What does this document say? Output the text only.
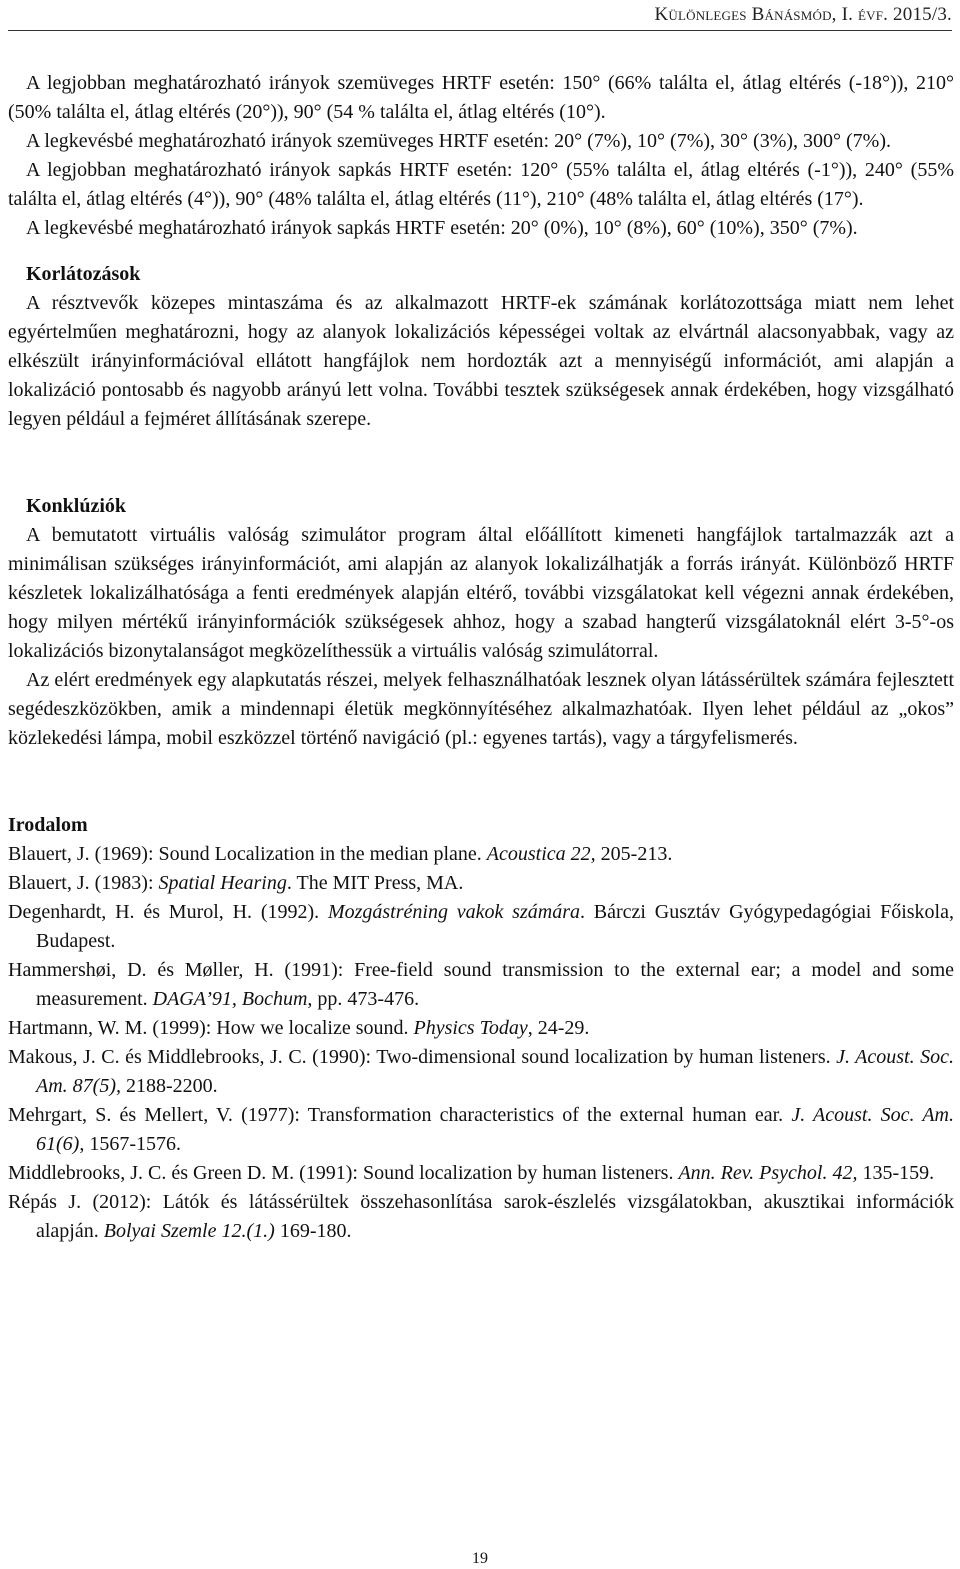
Különleges Bánásmód, I. évf. 2015/3.

A legjobban meghatározható irányok szemüveges HRTF esetén: 150° (66% találta el, átlag eltérés (-18°)), 210° (50% találta el, átlag eltérés (20°)), 90° (54 % találta el, átlag eltérés (10°).

A legkevésbé meghatározható irányok szemüveges HRTF esetén: 20° (7%), 10° (7%), 30° (3%), 300° (7%).

A legjobban meghatározható irányok sapkás HRTF esetén: 120° (55% találta el, átlag eltérés (-1°)), 240° (55% találta el, átlag eltérés (4°)), 90° (48% találta el, átlag eltérés (11°), 210° (48% találta el, átlag eltérés (17°).

A legkevésbé meghatározható irányok sapkás HRTF esetén: 20° (0%), 10° (8%), 60° (10%), 350° (7%).

Korlátozások

A résztvevők közepes mintaszáma és az alkalmazott HRTF-ek számának korlátozottsága miatt nem lehet egyértelműen meghatározni, hogy az alanyok lokalizációs képességei voltak az elvártnál alacsonyabbak, vagy az elkészült irányinformációval ellátott hangfájlok nem hordozták azt a mennyiségű információt, ami alapján a lokalizáció pontosabb és nagyobb arányú lett volna. További tesztek szükségesek annak érdekében, hogy vizsgálható legyen például a fejméret állításának szerepe.

Konklúziók

A bemutatott virtuális valóság szimulátor program által előállított kimeneti hangfájlok tartalmazzák azt a minimálisan szükséges irányinformációt, ami alapján az alanyok lokalizálhatják a forrás irányát. Különböző HRTF készletek lokalizálhatósága a fenti eredmények alapján eltérő, további vizsgálatokat kell végezni annak érdekében, hogy milyen mértékű irányinformációk szükségesek ahhoz, hogy a szabad hangterű vizsgálatoknál elért 3-5°-os lokalizációs bizonytalanságot megközelíthessük a virtuális valóság szimulátorral.

Az elért eredmények egy alapkutatás részei, melyek felhasználhatóak lesznek olyan látássérültek számára fejlesztett segédeszközökben, amik a mindennapi életük megkönnyítéséhez alkalmazhatóak. Ilyen lehet például az „okos” közlekedési lámpa, mobil eszközzel történő navigáció (pl.: egyenes tartás), vagy a tárgyfelismerés.

Irodalom

Blauert, J. (1969): Sound Localization in the median plane. Acoustica 22, 205-213.

Blauert, J. (1983): Spatial Hearing. The MIT Press, MA.

Degenhardt, H. és Murol, H. (1992). Mozgástréning vakok számára. Bárczi Gusztáv Gyógypedagógiai Főiskola, Budapest.

Hammershøi, D. és Møller, H. (1991): Free-field sound transmission to the external ear; a model and some measurement. DAGA’91, Bochum, pp. 473-476.

Hartmann, W. M. (1999): How we localize sound. Physics Today, 24-29.

Makous, J. C. és Middlebrooks, J. C. (1990): Two-dimensional sound localization by human listeners. J. Acoust. Soc. Am. 87(5), 2188-2200.

Mehrgart, S. és Mellert, V. (1977): Transformation characteristics of the external human ear. J. Acoust. Soc. Am. 61(6), 1567-1576.

Middlebrooks, J. C. és Green D. M. (1991): Sound localization by human listeners. Ann. Rev. Psychol. 42, 135-159.

Répás J. (2012): Látók és látássérültek összehasonlítása sarok-észlelés vizsgálatokban, akusztikai információk alapján. Bolyai Szemle 12.(1.) 169-180.

19
